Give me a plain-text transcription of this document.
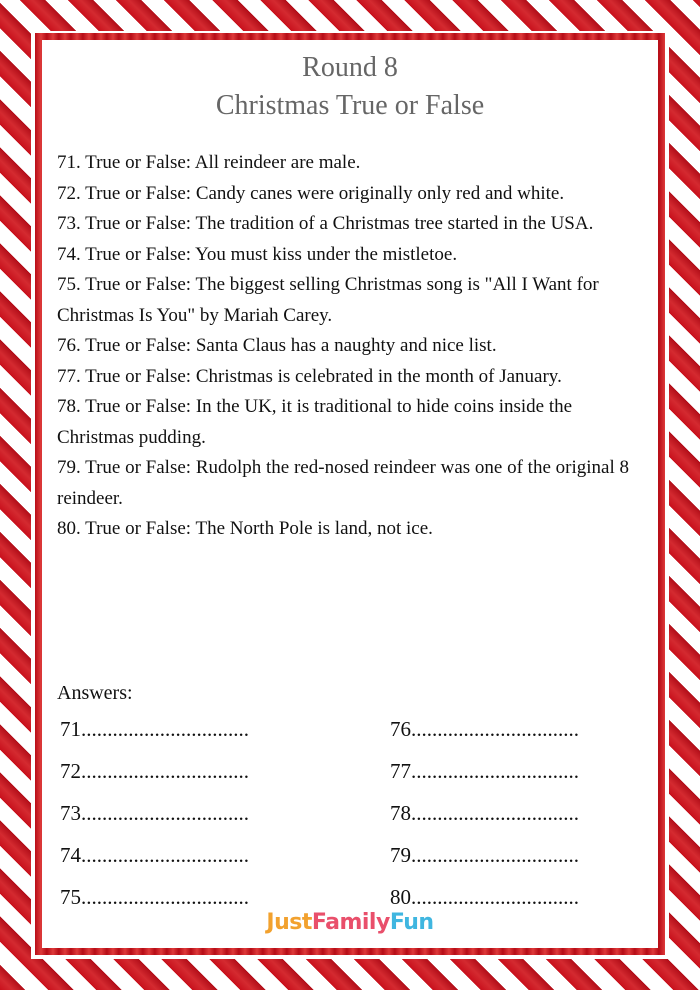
Round 8
Christmas True or False

71. True or False: All reindeer are male.

72. True or False: Candy canes were originally only red and white.

73. True or False: The tradition of a Christmas tree started in the USA.

74. True or False: You must kiss under the mistletoe.

75. True or False: The biggest selling Christmas song is "All I Want for Christmas Is You" by Mariah Carey.

76. True or False: Santa Claus has a naughty and nice list.

77. True or False: Christmas is celebrated in the month of January.

78. True or False: In the UK, it is traditional to hide coins inside the Christmas pudding.

79. True or False: Rudolph the red-nosed reindeer was one of the original 8 reindeer.

80. True or False: The North Pole is land, not ice.

Answers:
71................................
72................................
73................................
74................................
75................................
76................................
77................................
78................................
79................................
80................................
JustFamilyFun
